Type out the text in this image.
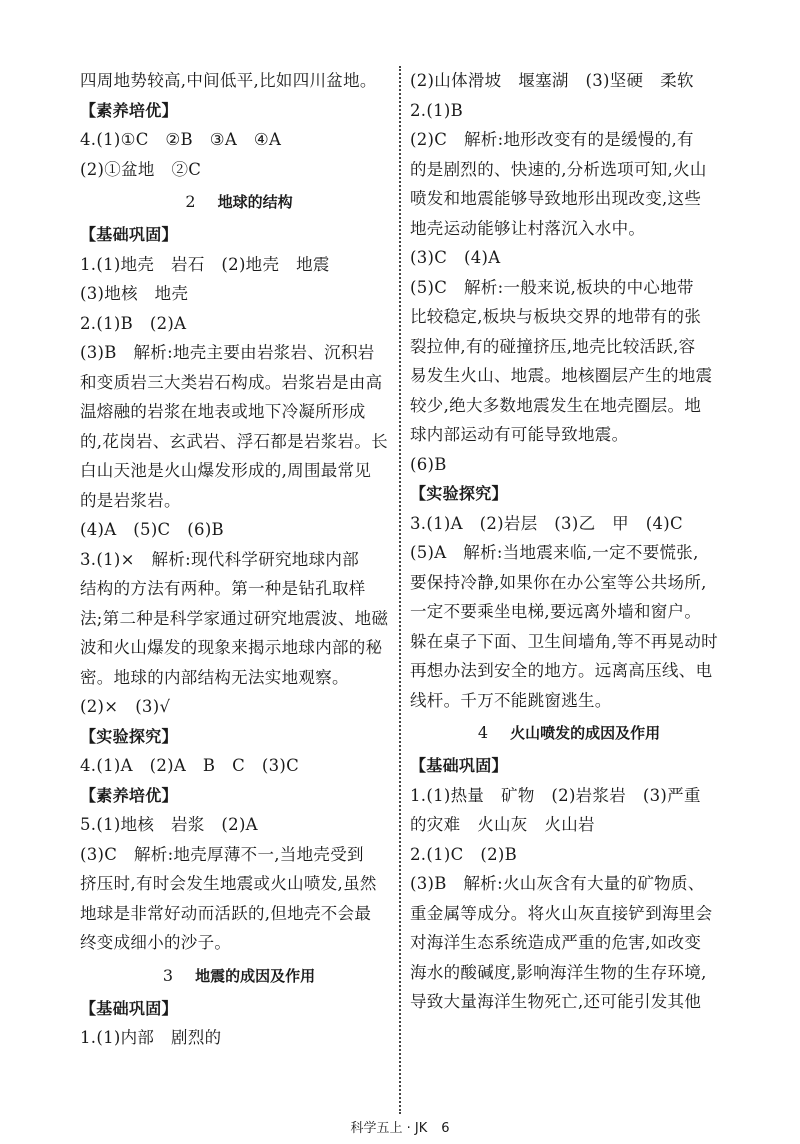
四周地势较高,中间低平,比如四川盆地。
【素养培优】
4.(1)①C　②B　③A　④A
(2)①盆地　②C
2 地球的结构
【基础巩固】
1.(1)地壳　岩石　(2)地壳　地震
(3)地核　地壳
2.(1)B　(2)A
(3)B　解析:地壳主要由岩浆岩、沉积岩
和变质岩三大类岩石构成。岩浆岩是由高
温熔融的岩浆在地表或地下冷凝所形成
的,花岗岩、玄武岩、浮石都是岩浆岩。长
白山天池是火山爆发形成的,周围最常见
的是岩浆岩。
(4)A　(5)C　(6)B
3.(1)×　解析:现代科学研究地球内部
结构的方法有两种。第一种是钻孔取样
法;第二种是科学家通过研究地震波、地磁
波和火山爆发的现象来揭示地球内部的秘
密。地球的内部结构无法实地观察。
(2)×　(3)√
【实验探究】
4.(1)A　(2)A　B　C　(3)C
【素养培优】
5.(1)地核　岩浆　(2)A
(3)C　解析:地壳厚薄不一,当地壳受到
挤压时,有时会发生地震或火山喷发,虽然
地球是非常好动而活跃的,但地壳不会最
终变成细小的沙子。
3 地震的成因及作用
【基础巩固】
1.(1)内部　剧烈的
(2)山体滑坡　堰塞湖　(3)坚硬　柔软
2.(1)B
(2)C　解析:地形改变有的是缓慢的,有
的是剧烈的、快速的,分析选项可知,火山
喷发和地震能够导致地形出现改变,这些
地壳运动能够让村落沉入水中。
(3)C　(4)A
(5)C　解析:一般来说,板块的中心地带
比较稳定,板块与板块交界的地带有的张
裂拉伸,有的碰撞挤压,地壳比较活跃,容
易发生火山、地震。地核圈层产生的地震
较少,绝大多数地震发生在地壳圈层。地
球内部运动有可能导致地震。
(6)B
【实验探究】
3.(1)A　(2)岩层　(3)乙　甲　(4)C
(5)A　解析:当地震来临,一定不要慌张,
要保持冷静,如果你在办公室等公共场所,
一定不要乘坐电梯,要远离外墙和窗户。
躲在桌子下面、卫生间墙角,等不再晃动时
再想办法到安全的地方。远离高压线、电
线杆。千万不能跳窗逃生。
4 火山喷发的成因及作用
【基础巩固】
1.(1)热量　矿物　(2)岩浆岩　(3)严重
的灾难　火山灰　火山岩
2.(1)C　(2)B
(3)B　解析:火山灰含有大量的矿物质、
重金属等成分。将火山灰直接铲到海里会
对海洋生态系统造成严重的危害,如改变
海水的酸碱度,影响海洋生物的生存环境,
导致大量海洋生物死亡,还可能引发其他
科学五上 · JK 6
